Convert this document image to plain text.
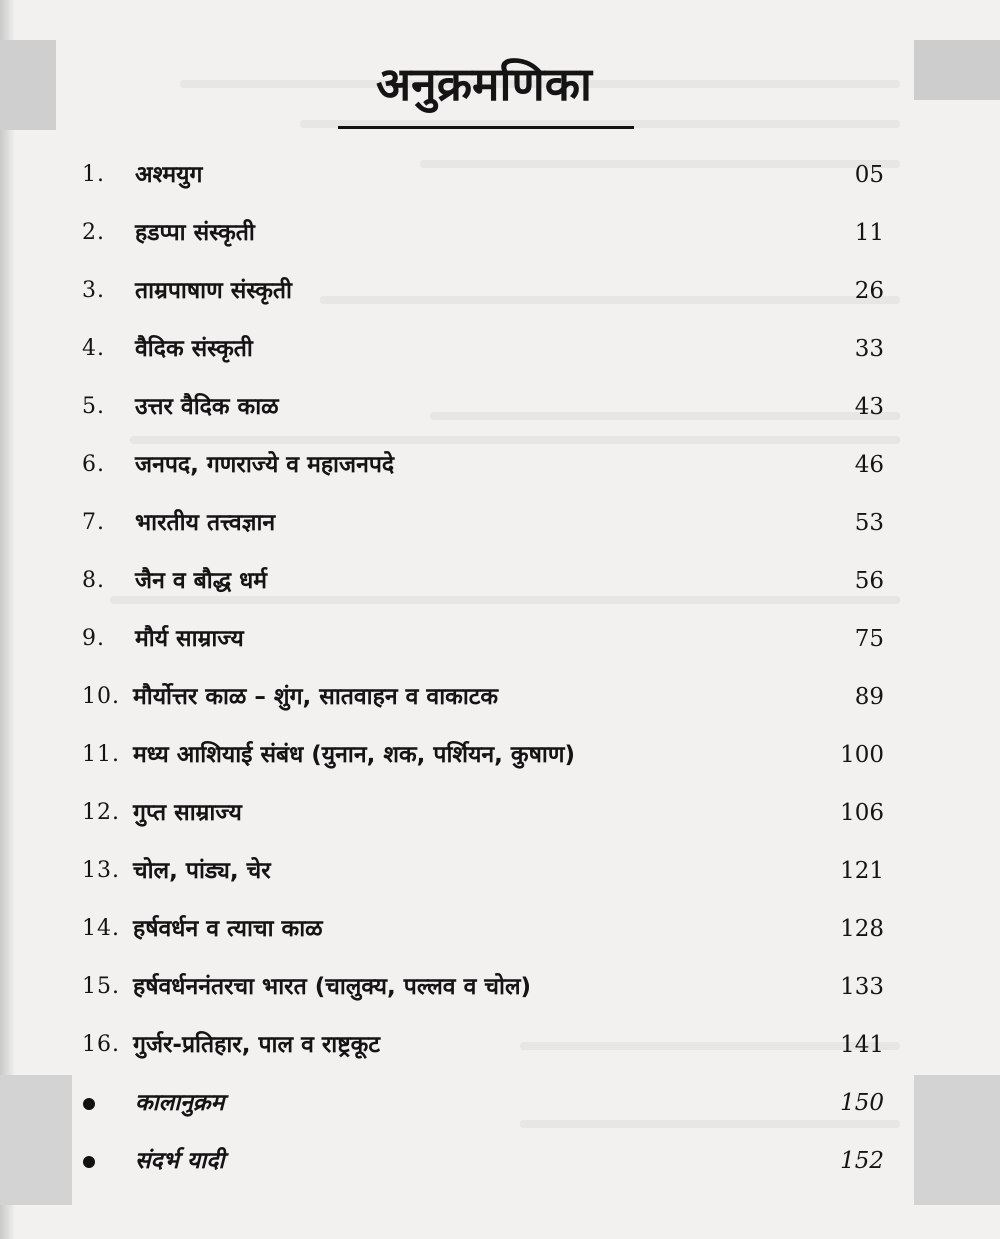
अनुक्रमणिका
1. अश्मयुग	05
2. हडप्पा संस्कृती	11
3. ताम्रपाषाण संस्कृती	26
4. वैदिक संस्कृती	33
5. उत्तर वैदिक काळ	43
6. जनपद, गणराज्ये व महाजनपदे	46
7. भारतीय तत्त्वज्ञान	53
8. जैन व बौद्ध धर्म	56
9. मौर्य साम्राज्य	75
10. मौर्योत्तर काळ – शुंग, सातवाहन व वाकाटक	89
11. मध्य आशियाई संबंध (युनान, शक, पर्शियन, कुषाण)	100
12. गुप्त साम्राज्य	106
13. चोल, पांड्य, चेर	121
14. हर्षवर्धन व त्याचा काळ	128
15. हर्षवर्धननंतरचा भारत (चालुक्य, पल्लव व चोल)	133
16. गुर्जर-प्रतिहार, पाल व राष्ट्रकूट	141
कालानुक्रम	150
संदर्भ यादी	152
